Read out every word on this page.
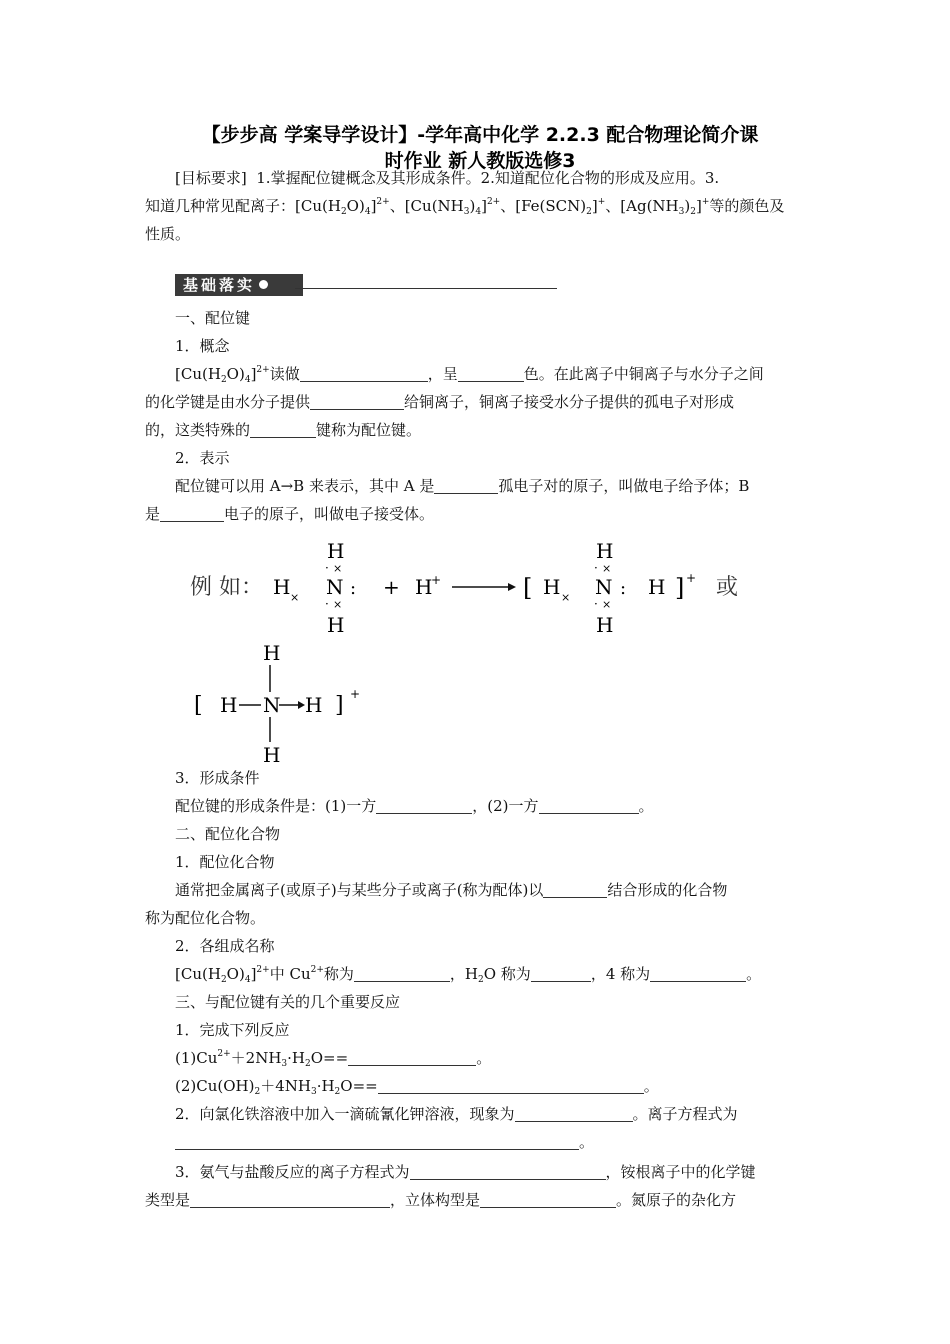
【步步高 学案导学设计】-学年高中化学 2.2.3 配合物理论简介课
时作业 新人教版选修3
[目标要求] 1.掌握配位键概念及其形成条件。2.知道配位化合物的形成及应用。3.
知道几种常见配离子：$[Cu(H_2O)_4]^{2+}$、$[Cu(NH_3)_4]^{2+}$、$[Fe(SCN)_2]^+$、$[Ag(NH_3)_2]^+$等的颜色及
性质。
基础落实
一、配位键
1．概念
$[Cu(H_2O)_4]^{2+}$读做	，呈	色。在此离子中铜离子与水分子之间
的化学键是由水分子提供	给铜离子，铜离子接受水分子提供的孤电子对形成
的，这类特殊的	键称为配位键。
2．表示
配位键可以用 A→B 来表示，其中 A 是	孤电子对的原子，叫做电子给予体；B
是	电子的原子，叫做电子接受体。
例 如： H ×
H
· ×
N :
· ×
H
+ H
+	[ H ×
H
· ×
N :
· ×
H
H ] + 或
[ H N H
H
H
] +
3．形成条件
配位键的形成条件是：(1)一方	，(2)一方	。
二、配位化合物
1．配位化合物
通常把金属离子(或原子)与某些分子或离子(称为配体)以	结合形成的化合物
称为配位化合物。
2．各组成名称
$[Cu(H_2O)_4]^{2+}$中 $Cu^{2+}$称为	，$H_2O$ 称为	，4 称为	。
三、与配位键有关的几个重要反应
1．完成下列反应
$(1)Cu^{2+}+2NH_3\cdot H_2O==$	。
$(2)Cu(OH)_2+4NH_3\cdot H_2O==$	。
2．向氯化铁溶液中加入一滴硫氰化钾溶液，现象为	。离子方程式为
。
3．氨气与盐酸反应的离子方程式为	，铵根离子中的化学键
类型是	，立体构型是	。氮原子的杂化方
